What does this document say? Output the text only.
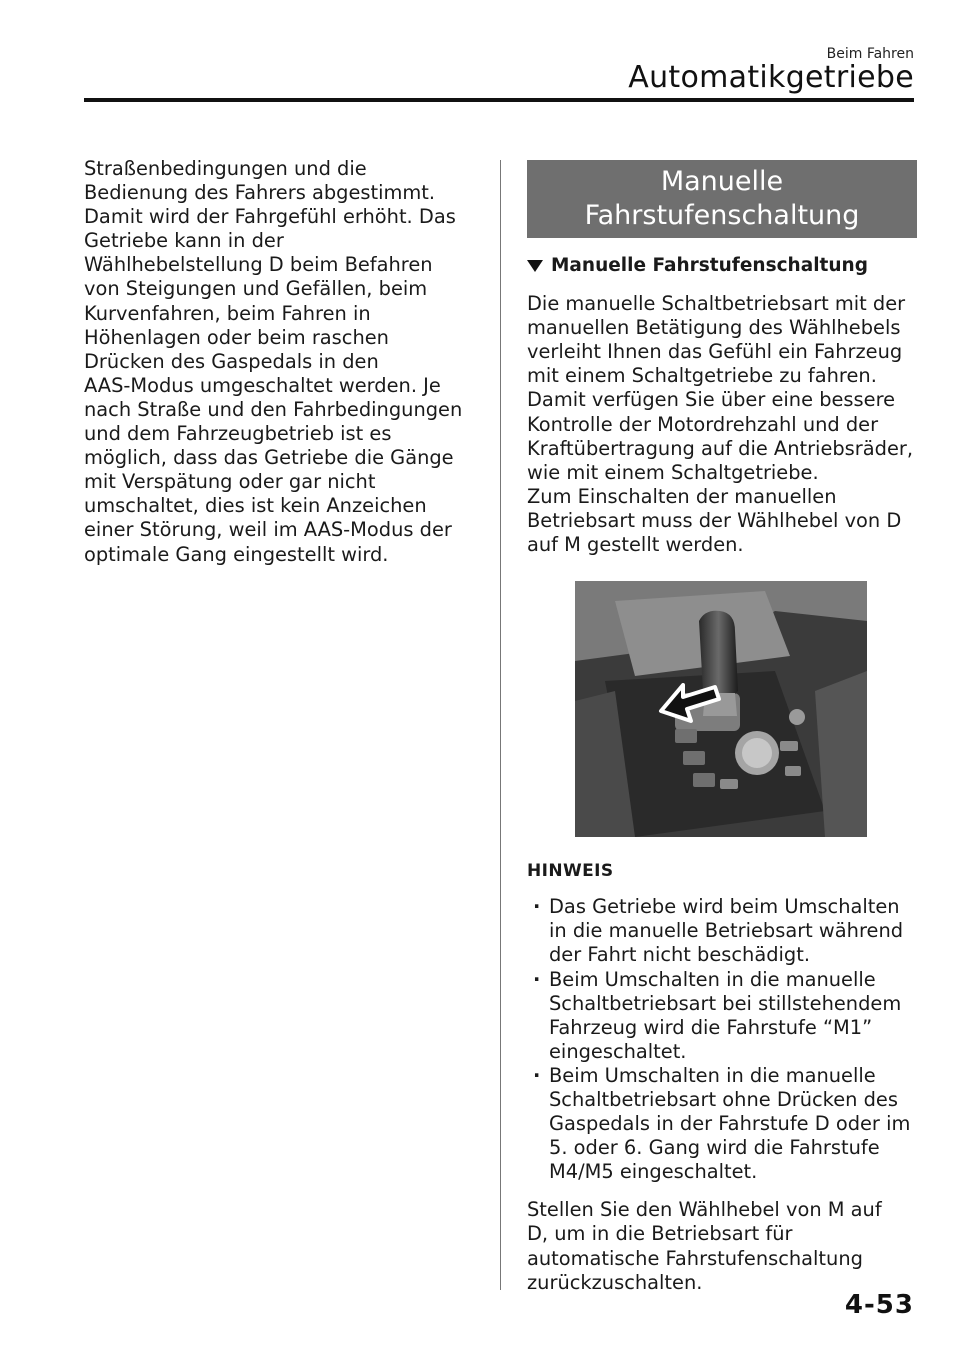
Beim Fahren
Automatikgetriebe

Straßenbedingungen und die
Bedienung des Fahrers abgestimmt.
Damit wird der Fahrgefühl erhöht. Das
Getriebe kann in der
Wählhebelstellung D beim Befahren
von Steigungen und Gefällen, beim
Kurvenfahren, beim Fahren in
Höhenlagen oder beim raschen
Drücken des Gaspedals in den
AAS-Modus umgeschaltet werden. Je
nach Straße und den Fahrbedingungen
und dem Fahrzeugbetrieb ist es
möglich, dass das Getriebe die Gänge
mit Verspätung oder gar nicht
umschaltet, dies ist kein Anzeichen
einer Störung, weil im AAS-Modus der
optimale Gang eingestellt wird.

Manuelle
Fahrstufenschaltung
Manuelle Fahrstufenschaltung

Die manuelle Schaltbetriebsart mit der
manuellen Betätigung des Wählhebels
verleiht Ihnen das Gefühl ein Fahrzeug
mit einem Schaltgetriebe zu fahren.
Damit verfügen Sie über eine bessere
Kontrolle der Motordrehzahl und der
Kraftübertragung auf die Antriebsräder,
wie mit einem Schaltgetriebe.
Zum Einschalten der manuellen
Betriebsart muss der Wählhebel von D
auf M gestellt werden.

HINWEIS
· Das Getriebe wird beim Umschalten
in die manuelle Betriebsart während
der Fahrt nicht beschädigt.
· Beim Umschalten in die manuelle
Schaltbetriebsart bei stillstehendem
Fahrzeug wird die Fahrstufe “M1”
eingeschaltet.
· Beim Umschalten in die manuelle
Schaltbetriebsart ohne Drücken des
Gaspedals in der Fahrstufe D oder im
5. oder 6. Gang wird die Fahrstufe
M4/M5 eingeschaltet.

Stellen Sie den Wählhebel von M auf
D, um in die Betriebsart für
automatische Fahrstufenschaltung
zurückzuschalten.

4-53
